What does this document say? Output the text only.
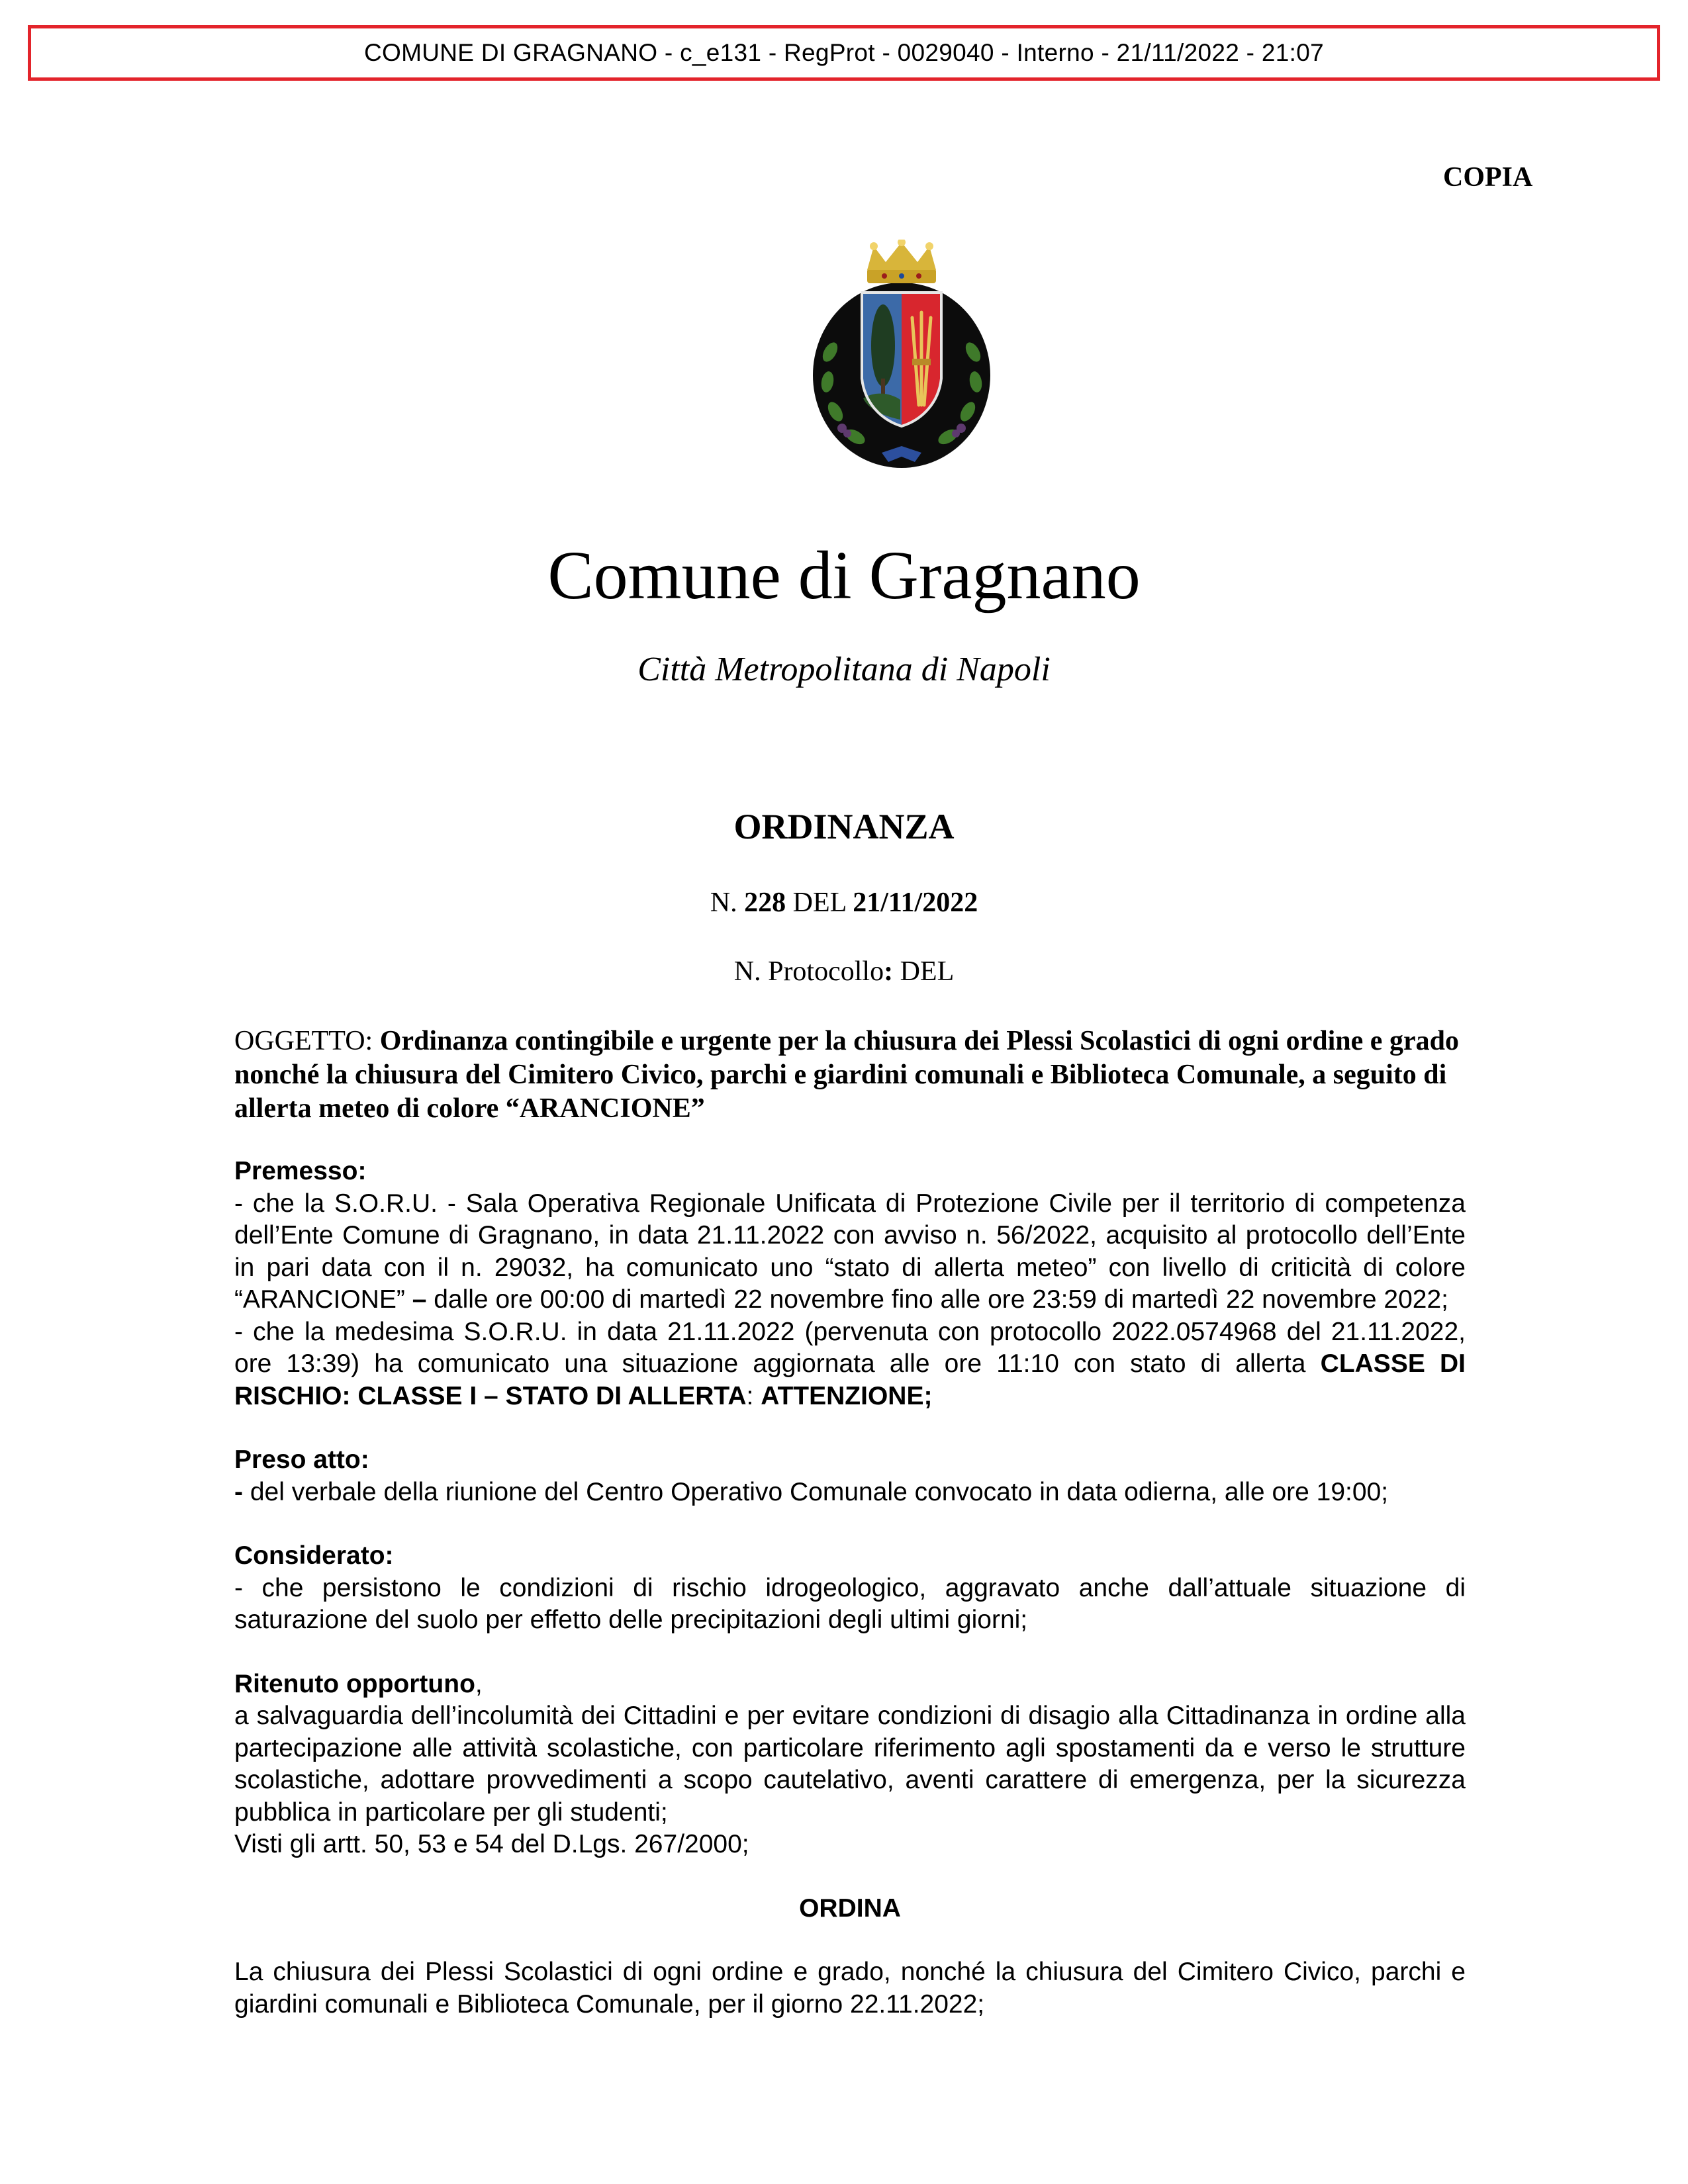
COMUNE DI GRAGNANO - c_e131 - RegProt - 0029040 - Interno - 21/11/2022 - 21:07
COPIA
Comune di Gragnano
Città Metropolitana di Napoli
ORDINANZA
N. 228 DEL 21/11/2022
N. Protocollo: DEL
OGGETTO: Ordinanza contingibile e urgente per la chiusura dei Plessi Scolastici di ogni ordine e grado nonché la chiusura del Cimitero Civico, parchi e giardini comunali e Biblioteca Comunale, a seguito di allerta meteo di colore “ARANCIONE”

Premesso:

- che la S.O.R.U. - Sala Operativa Regionale Unificata di Protezione Civile per il territorio di competenza dell’Ente Comune di Gragnano, in data 21.11.2022 con avviso n. 56/2022, acquisito al protocollo dell’Ente in pari data con il n. 29032, ha comunicato uno “stato di allerta meteo” con livello di criticità di colore “ARANCIONE” – dalle ore 00:00 di martedì 22 novembre fino alle ore 23:59 di martedì 22 novembre 2022;

- che la medesima S.O.R.U. in data 21.11.2022 (pervenuta con protocollo 2022.0574968 del 21.11.2022, ore 13:39) ha comunicato una situazione aggiornata alle ore 11:10 con stato di allerta CLASSE DI RISCHIO: CLASSE I – STATO DI ALLERTA: ATTENZIONE;

Preso atto:

- del verbale della riunione del Centro Operativo Comunale convocato in data odierna, alle ore 19:00;

Considerato:

- che persistono le condizioni di rischio idrogeologico, aggravato anche dall’attuale situazione di saturazione del suolo per effetto delle precipitazioni degli ultimi giorni;

Ritenuto opportuno,

a salvaguardia dell’incolumità dei Cittadini e per evitare condizioni di disagio alla Cittadinanza in ordine alla partecipazione alle attività scolastiche, con particolare riferimento agli spostamenti da e verso le strutture scolastiche, adottare provvedimenti a scopo cautelativo, aventi carattere di emergenza, per la sicurezza pubblica in particolare per gli studenti;

Visti gli artt. 50, 53 e 54 del D.Lgs. 267/2000;

ORDINA

La chiusura dei Plessi Scolastici di ogni ordine e grado, nonché la chiusura del Cimitero Civico, parchi e giardini comunali e Biblioteca Comunale, per il giorno 22.11.2022;
